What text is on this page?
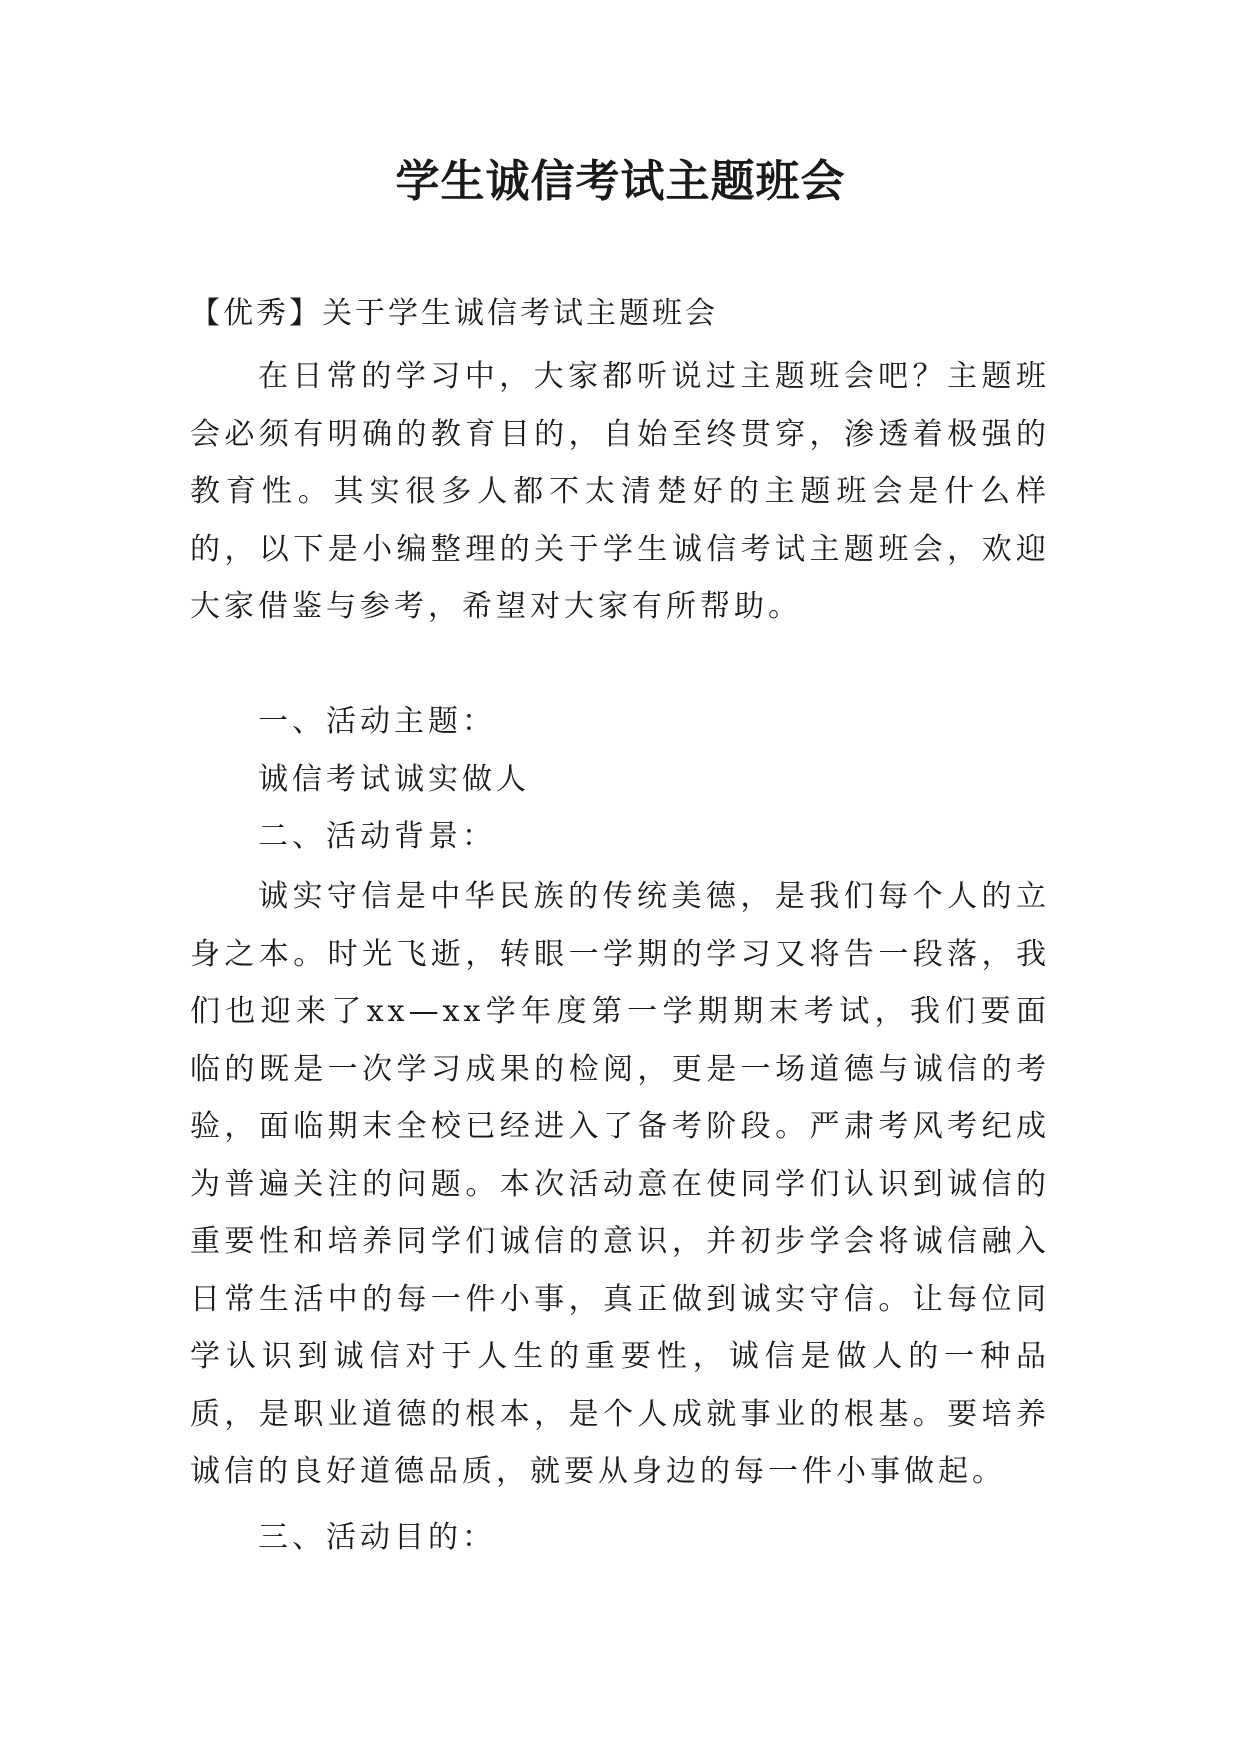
学生诚信考试主题班会

【优秀】关于学生诚信考试主题班会

在日常的学习中，大家都听说过主题班会吧？主题班会必须有明确的教育目的，自始至终贯穿，渗透着极强的教育性。其实很多人都不太清楚好的主题班会是什么样的，以下是小编整理的关于学生诚信考试主题班会，欢迎大家借鉴与参考，希望对大家有所帮助。

一、活动主题：

诚信考试诚实做人

二、活动背景：

诚实守信是中华民族的传统美德，是我们每个人的立身之本。时光飞逝，转眼一学期的学习又将告一段落，我们也迎来了xx—xx学年度第一学期期末考试，我们要面临的既是一次学习成果的检阅，更是一场道德与诚信的考验，面临期末全校已经进入了备考阶段。严肃考风考纪成为普遍关注的问题。本次活动意在使同学们认识到诚信的重要性和培养同学们诚信的意识，并初步学会将诚信融入日常生活中的每一件小事，真正做到诚实守信。让每位同学认识到诚信对于人生的重要性，诚信是做人的一种品质，是职业道德的根本，是个人成就事业的根基。要培养诚信的良好道德品质，就要从身边的每一件小事做起。

三、活动目的：
